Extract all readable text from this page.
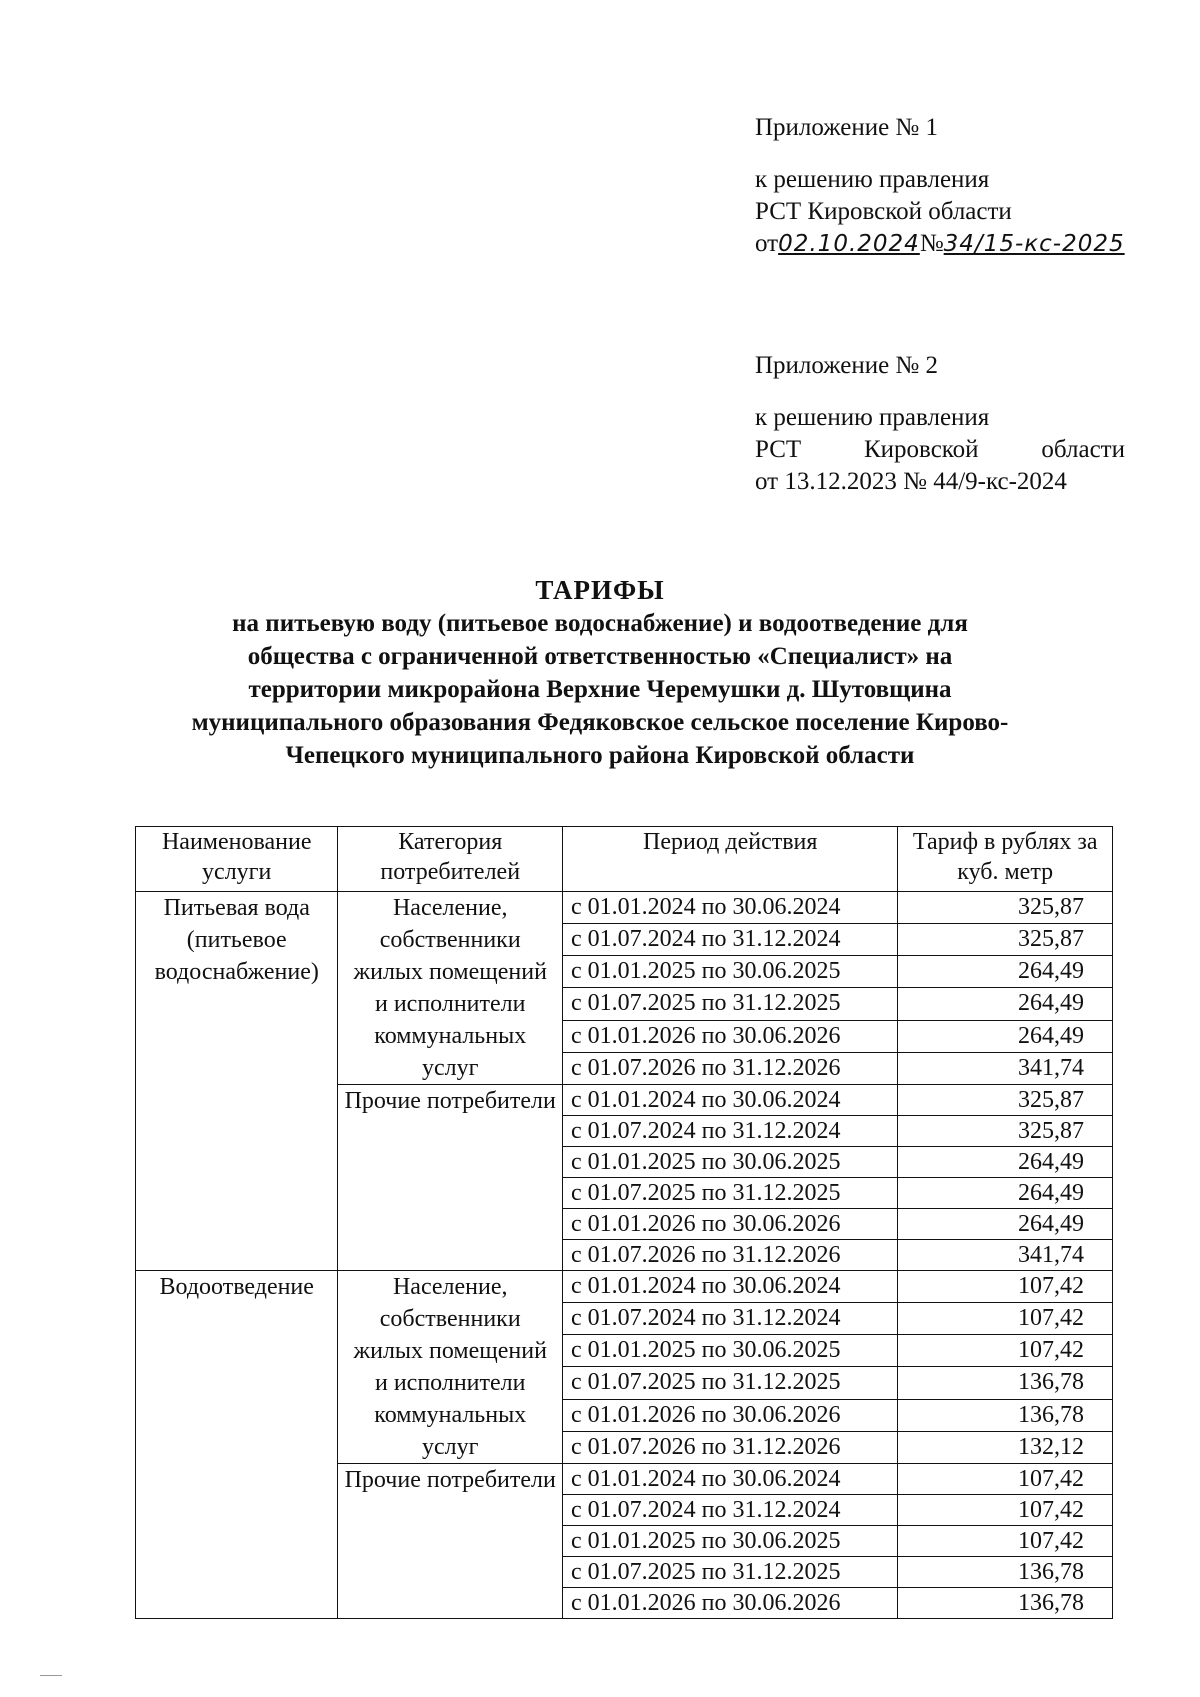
Приложение № 1

к решению правления

РСТ Кировской области

от02.10.2024№34/15-кс-2025

Приложение № 2

к решению правления

РСТ	Кировской	области

от 13.12.2023 № 44/9-кс-2024

ТАРИФЫ
на питьевую воду (питьевое водоснабжение) и водоотведение для
общества с ограниченной ответственностью «Специалист» на
территории микрорайона Верхние Черемушки д. Шутовщина
муниципального образования Федяковское сельское поселение Кирово-
Чепецкого муниципального района Кировской области
Наименование услуги	Категория потребителей	Период действия	Тариф в рублях за куб. метр
Питьевая вода (питьевое водоснабжение)	Население, собственники жилых помещений и исполнители коммунальных услуг	с 01.01.2024 по 30.06.2024	325,87
		с 01.07.2024 по 31.12.2024	325,87
		с 01.01.2025 по 30.06.2025	264,49
		с 01.07.2025 по 31.12.2025	264,49
		с 01.01.2026 по 30.06.2026	264,49
		с 01.07.2026 по 31.12.2026	341,74
	Прочие потребители	с 01.01.2024 по 30.06.2024	325,87
		с 01.07.2024 по 31.12.2024	325,87
		с 01.01.2025 по 30.06.2025	264,49
		с 01.07.2025 по 31.12.2025	264,49
		с 01.01.2026 по 30.06.2026	264,49
		с 01.07.2026 по 31.12.2026	341,74
Водоотведение	Население, собственники жилых помещений и исполнители коммунальных услуг	с 01.01.2024 по 30.06.2024	107,42
		с 01.07.2024 по 31.12.2024	107,42
		с 01.01.2025 по 30.06.2025	107,42
		с 01.07.2025 по 31.12.2025	136,78
		с 01.01.2026 по 30.06.2026	136,78
		с 01.07.2026 по 31.12.2026	132,12
	Прочие потребители	с 01.01.2024 по 30.06.2024	107,42
		с 01.07.2024 по 31.12.2024	107,42
		с 01.01.2025 по 30.06.2025	107,42
		с 01.07.2025 по 31.12.2025	136,78
		с 01.01.2026 по 30.06.2026	136,78
